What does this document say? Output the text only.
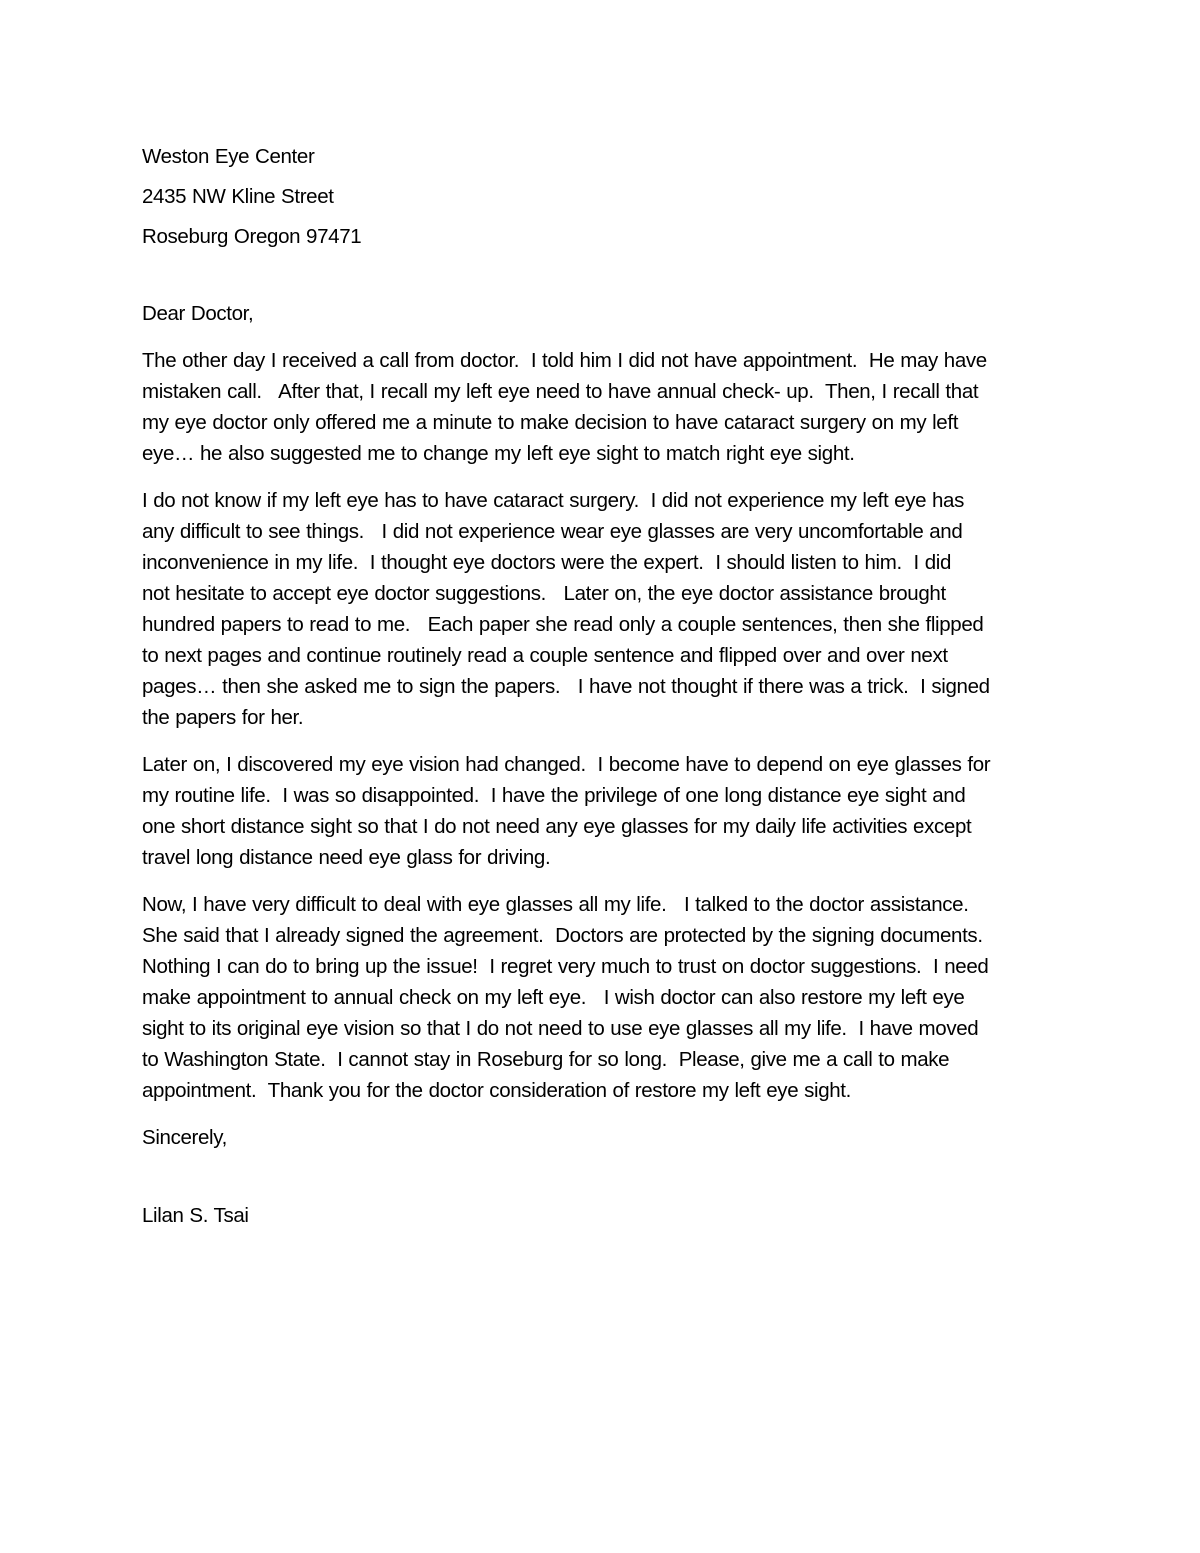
Weston Eye Center
2435 NW Kline Street
Roseburg Oregon 97471
Dear Doctor,
The other day I received a call from doctor.  I told him I did not have appointment.  He may have
mistaken call.   After that, I recall my left eye need to have annual check- up.  Then, I recall that
my eye doctor only offered me a minute to make decision to have cataract surgery on my left
eye… he also suggested me to change my left eye sight to match right eye sight.
I do not know if my left eye has to have cataract surgery.  I did not experience my left eye has
any difficult to see things.   I did not experience wear eye glasses are very uncomfortable and
inconvenience in my life.  I thought eye doctors were the expert.  I should listen to him.  I did
not hesitate to accept eye doctor suggestions.   Later on, the eye doctor assistance brought
hundred papers to read to me.   Each paper she read only a couple sentences, then she flipped
to next pages and continue routinely read a couple sentence and flipped over and over next
pages… then she asked me to sign the papers.   I have not thought if there was a trick.  I signed
the papers for her.
Later on, I discovered my eye vision had changed.  I become have to depend on eye glasses for
my routine life.  I was so disappointed.  I have the privilege of one long distance eye sight and
one short distance sight so that I do not need any eye glasses for my daily life activities except
travel long distance need eye glass for driving.
Now, I have very difficult to deal with eye glasses all my life.   I talked to the doctor assistance.
She said that I already signed the agreement.  Doctors are protected by the signing documents.
Nothing I can do to bring up the issue!  I regret very much to trust on doctor suggestions.  I need
make appointment to annual check on my left eye.   I wish doctor can also restore my left eye
sight to its original eye vision so that I do not need to use eye glasses all my life.  I have moved
to Washington State.  I cannot stay in Roseburg for so long.  Please, give me a call to make
appointment.  Thank you for the doctor consideration of restore my left eye sight.
Sincerely,
Lilan S. Tsai
